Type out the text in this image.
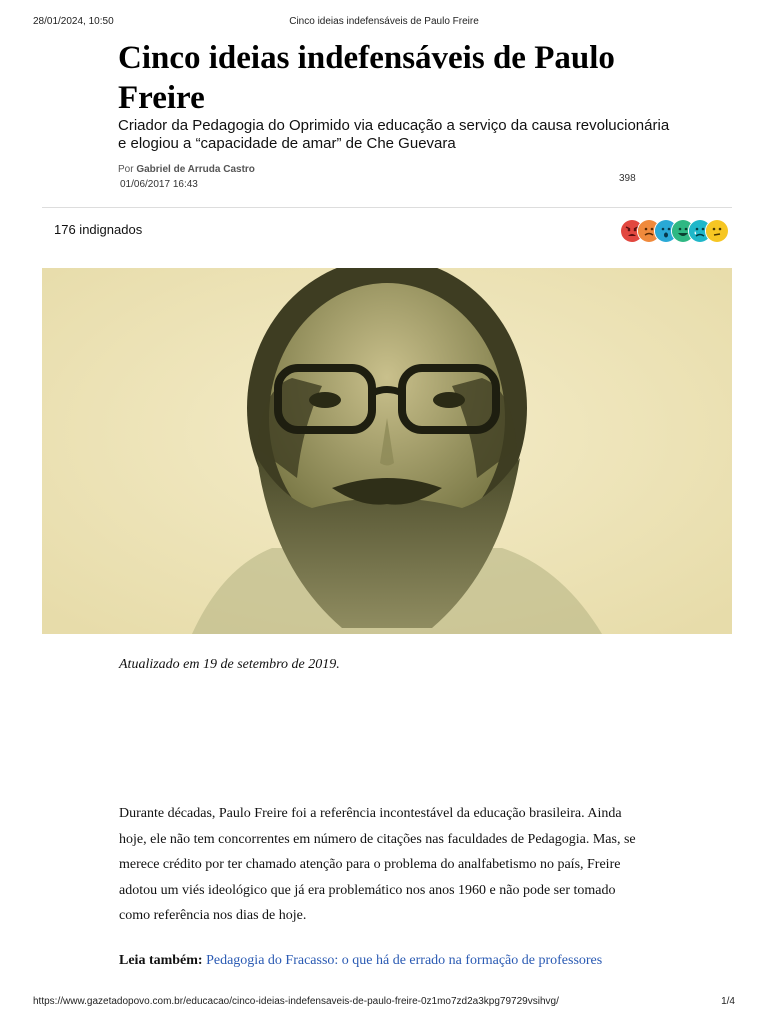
28/01/2024, 10:50	Cinco ideias indefensáveis de Paulo Freire
Cinco ideias indefensáveis de Paulo Freire

Criador da Pedagogia do Oprimido via educação a serviço da causa revolucionária e elogiou a “capacidade de amar” de Che Guevara

Por Gabriel de Arruda Castro
01/06/2017 16:43
398
176 indignados
Atualizado em 19 de setembro de 2019.

Durante décadas, Paulo Freire foi a referência incontestável da educação brasileira. Ainda hoje, ele não tem concorrentes em número de citações nas faculdades de Pedagogia. Mas, se merece crédito por ter chamado atenção para o problema do analfabetismo no país, Freire adotou um viés ideológico que já era problemático nos anos 1960 e não pode ser tomado como referência nos dias de hoje.

Leia também: Pedagogia do Fracasso: o que há de errado na formação de professores
https://www.gazetadopovo.com.br/educacao/cinco-ideias-indefensaveis-de-paulo-freire-0z1mo7zd2a3kpg79729vsihvg/	1/4
